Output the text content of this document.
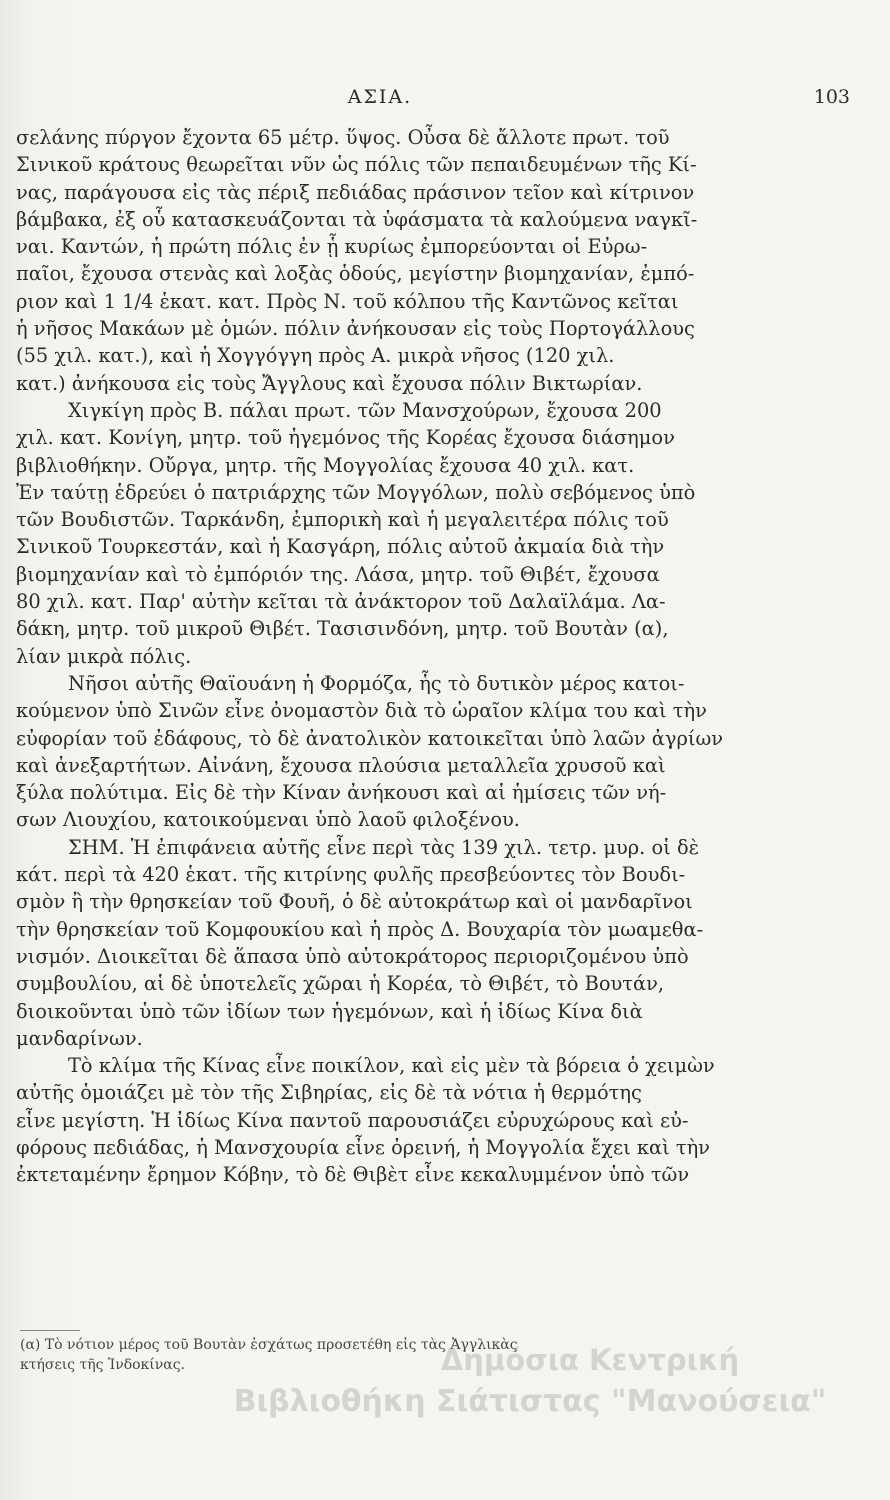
ΑΣΙΑ.	103
σελάνης πύργον ἔχοντα 65 μέτρ. ὕψος. Οὖσα δὲ ἄλλοτε πρωτ. τοῦ
Σινικοῦ κράτους θεωρεῖται νῦν ὡς πόλις τῶν πεπαιδευμένων τῆς Κί-
νας, παράγουσα εἰς τὰς πέριξ πεδιάδας πράσινον τεῖον καὶ κίτρινον
βάμβακα, ἐξ οὗ κατασκευάζονται τὰ ὑφάσματα τὰ καλούμενα ναγκῖ-
ναι. Καντών, ἡ πρώτη πόλις ἐν ᾗ κυρίως ἐμπορεύονται οἱ Εὐρω-
παῖοι, ἔχουσα στενὰς καὶ λοξὰς ὁδούς, μεγίστην βιομηχανίαν, ἐμπό-
ριον καὶ 1 1/4 ἑκατ. κατ. Πρὸς Ν. τοῦ κόλπου τῆς Καντῶνος κεῖται
ἡ νῆσος Μακάων μὲ ὁμών. πόλιν ἀνήκουσαν εἰς τοὺς Πορτογάλλους
(55 χιλ. κατ.), καὶ ἡ Χογγόγγη πρὸς Α. μικρὰ νῆσος (120 χιλ.
κατ.) ἀνήκουσα εἰς τοὺς Ἄγγλους καὶ ἔχουσα πόλιν Βικτωρίαν.
Χιγκίγη πρὸς Β. πάλαι πρωτ. τῶν Μανσχούρων, ἔχουσα 200
χιλ. κατ. Κονίγη, μητρ. τοῦ ἡγεμόνος τῆς Κορέας ἔχουσα διάσημον
βιβλιοθήκην. Οὔργα, μητρ. τῆς Μογγολίας ἔχουσα 40 χιλ. κατ.
Ἐν ταύτῃ ἑδρεύει ὁ πατριάρχης τῶν Μογγόλων, πολὺ σεβόμενος ὑπὸ
τῶν Βουδιστῶν. Ταρκάνδη, ἐμπορικὴ καὶ ἡ μεγαλειτέρα πόλις τοῦ
Σινικοῦ Τουρκεστάν, καὶ ἡ Κασγάρη, πόλις αὐτοῦ ἀκμαία διὰ τὴν
βιομηχανίαν καὶ τὸ ἐμπόριόν της. Λάσα, μητρ. τοῦ Θιβέτ, ἔχουσα
80 χιλ. κατ. Παρ' αὐτὴν κεῖται τὰ ἀνάκτορον τοῦ Δαλαϊλάμα. Λα-
δάκη, μητρ. τοῦ μικροῦ Θιβέτ. Τασισινδόνη, μητρ. τοῦ Βουτὰν (α),
λίαν μικρὰ πόλις.
Νῆσοι αὐτῆς Θαϊουάνη ἡ Φορμόζα, ἧς τὸ δυτικὸν μέρος κατοι-
κούμενον ὑπὸ Σινῶν εἶνε ὀνομαστὸν διὰ τὸ ὡραῖον κλίμα του καὶ τὴν
εὐφορίαν τοῦ ἐδάφους, τὸ δὲ ἀνατολικὸν κατοικεῖται ὑπὸ λαῶν ἀγρίων
καὶ ἀνεξαρτήτων. Αἰνάνη, ἔχουσα πλούσια μεταλλεῖα χρυσοῦ καὶ
ξύλα πολύτιμα. Εἰς δὲ τὴν Κίναν ἀνήκουσι καὶ αἱ ἡμίσεις τῶν νή-
σων Λιουχίου, κατοικούμεναι ὑπὸ λαοῦ φιλοξένου.
ΣΗΜ. Ἡ ἐπιφάνεια αὐτῆς εἶνε περὶ τὰς 139 χιλ. τετρ. μυρ. οἱ δὲ
κάτ. περὶ τὰ 420 ἑκατ. τῆς κιτρίνης φυλῆς πρεσβεύοντες τὸν Βουδι-
σμὸν ἢ τὴν θρησκείαν τοῦ Φουῆ, ὁ δὲ αὐτοκράτωρ καὶ οἱ μανδαρῖνοι
τὴν θρησκείαν τοῦ Κομφουκίου καὶ ἡ πρὸς Δ. Βουχαρία τὸν μωαμεθα-
νισμόν. Διοικεῖται δὲ ἅπασα ὑπὸ αὐτοκράτορος περιοριζομένου ὑπὸ
συμβουλίου, αἱ δὲ ὑποτελεῖς χῶραι ἡ Κορέα, τὸ Θιβέτ, τὸ Βουτάν,
διοικοῦνται ὑπὸ τῶν ἰδίων των ἡγεμόνων, καὶ ἡ ἰδίως Κίνα διὰ
μανδαρίνων.
Τὸ κλίμα τῆς Κίνας εἶνε ποικίλον, καὶ εἰς μὲν τὰ βόρεια ὁ χειμὼν
αὐτῆς ὁμοιάζει μὲ τὸν τῆς Σιβηρίας, εἰς δὲ τὰ νότια ἡ θερμότης
εἶνε μεγίστη. Ἡ ἰδίως Κίνα παντοῦ παρουσιάζει εὐρυχώρους καὶ εὐ-
φόρους πεδιάδας, ἡ Μανσχουρία εἶνε ὀρεινή, ἡ Μογγολία ἔχει καὶ τὴν
ἐκτεταμένην ἔρημον Κόβην, τὸ δὲ Θιβὲτ εἶνε κεκαλυμμένον ὑπὸ τῶν
(α) Τὸ νότιον μέρος τοῦ Βουτὰν ἐσχάτως προσετέθη εἰς τὰς Ἀγγλικὰς
κτήσεις τῆς Ἰνδοκίνας.	Δημόσια Κεντρική
Βιβλιοθήκη Σιάτιστας "Μανούσεια"
